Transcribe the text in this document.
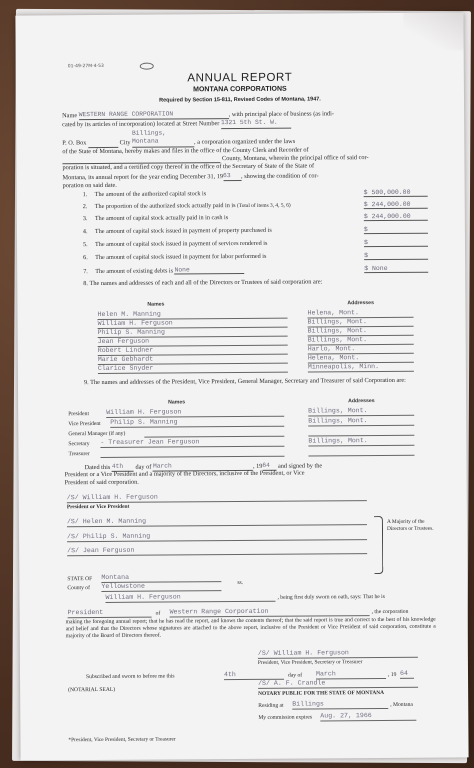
01-49-27M-4-53
ANNUAL REPORT
MONTANA CORPORATIONS
Required by Section 15-811, Revised Codes of Montana, 1947.
Name WESTERN RANGE CORPORATION	, with principal place of business (as indi-
cated by its articles of incorporation) located at Street Number 1321 5th St. W.
P. O. Box	City Billings, Montana	, a corporation organized under the laws
of the State of Montana, hereby makes and files in the office of the County Clerk and Recorder of
County, Montana, wherein the principal office of said cor-
poration is situated, and a certified copy thereof in the office of the Secretary of State of the State of
Montana, its annual report for the year ending December 31, 1963 , showing the condition of cor-
poration on said date.
1. The amount of the authorized capital stock is	$ 500,000.00
2. The proportion of the authorized stock actually paid in is (Total of items 3, 4, 5, 6)	$ 244,000.00
3. The amount of capital stock actually paid in in cash is	$ 244,000.00
4. The amount of capital stock issued in payment of property purchased is	$
5. The amount of capital stock issued in payment of services rendered is	$
6. The amount of capital stock issued in payment for labor performed is	$
7. The amount of existing debts is None	$ None
8. The names and addresses of each and all of the Directors or Trustees of said corporation are:
Names	Addresses
Helen M. Manning	Helena, Mont.
William H. Ferguson	Billings, Mont.
Philip S. Manning	Billings, Mont.
Jean Ferguson	Billings, Mont.
Robert Lindner	Harlo, Mont.
Marie Gebhardt	Helena, Mont.
Clarice Snyder	Minneapolis, Minn.
9. The names and addresses of the President, Vice President, General Manager, Secretary and Treasurer of said Corporation are:
Names	Addresses
President	William H. Ferguson	Billings, Mont.
Vice President Philip S. Manning	Billings, Mont.
General Manager (if any)
Secretary - Treasurer Jean Ferguson	Billings, Mont.
Treasurer
Dated this 4th day of March	, 1964 and signed by the
President or a Vice President and a majority of the Directors, inclusive of the President, or Vice
President of said corporation.
/S/ William H. Ferguson
President or Vice President
/S/ Helen M. Manning
/S/ Philip S. Manning
/S/ Jean Ferguson
A Majority of the Directors or Trustees.
STATE OF Montana
County of Yellowstone	ss.
William H. Ferguson	, being first duly sworn on oath, says: That he is
President	of Western Range Corporation	, the corporation
making the foregoing annual report; that he has read the report, and knows the contents thereof; that the said report is true and correct to the best of his knowledge and belief and that the Directors whose signatures are attached to the above report, inclusive of the President or Vice President of said corporation, constitute a majority of the Board of Directors thereof.
/S/ William H. Ferguson
President, Vice President, Secretary or Treasurer
Subscribed and sworn to before me this	4th	day of March	, 19 64
(NOTARIAL SEAL)
/S/ A. F. Crandle
NOTARY PUBLIC FOR THE STATE OF MONTANA
Residing at Billings	, Montana
My commission expires Aug. 27, 1966
*President, Vice President, Secretary or Treasurer
